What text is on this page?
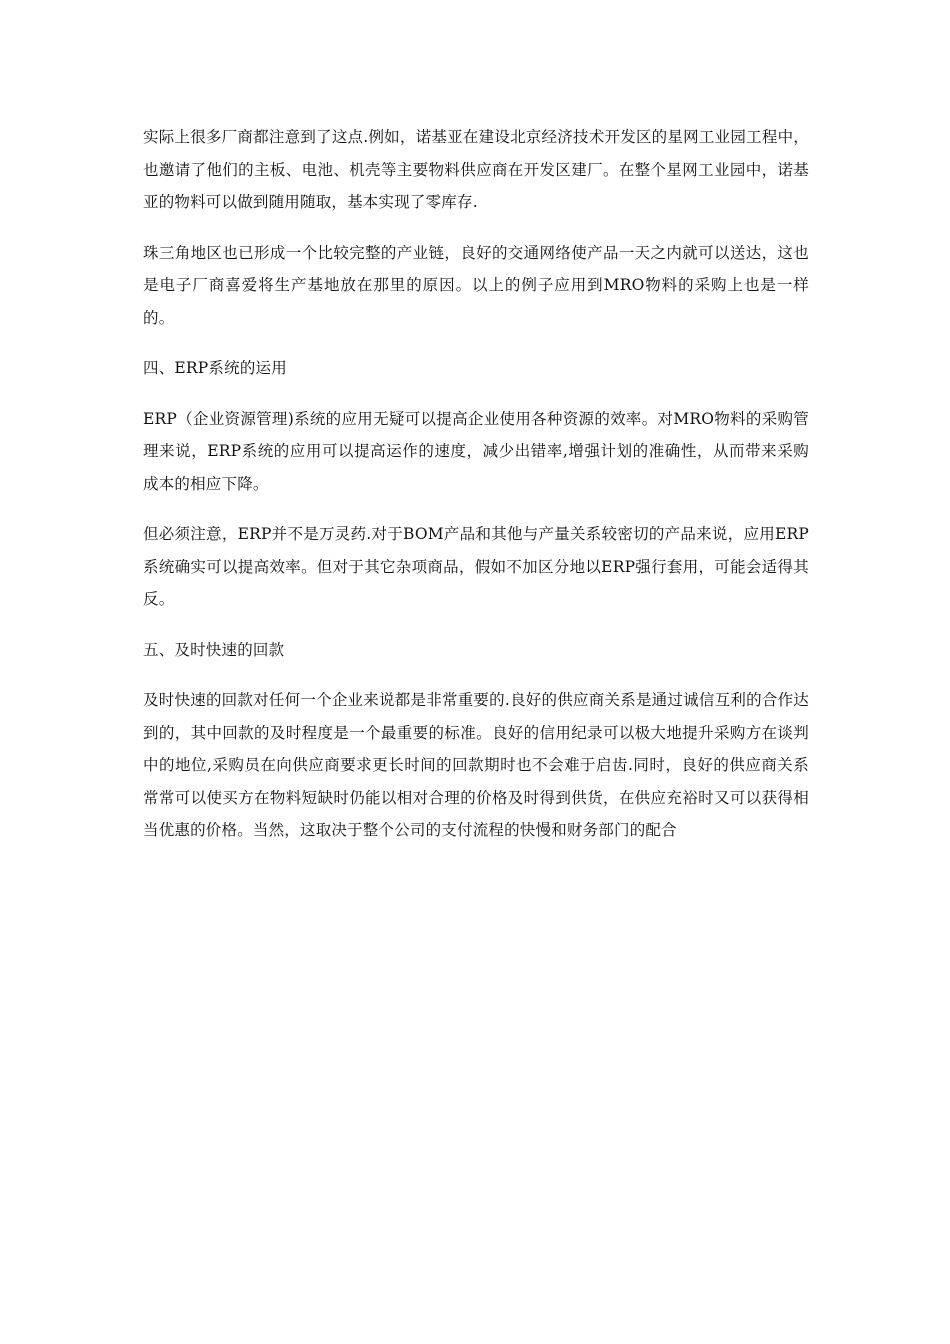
实际上很多厂商都注意到了这点.例如，诺基亚在建设北京经济技术开发区的星网工业园工程中，也邀请了他们的主板、电池、机壳等主要物料供应商在开发区建厂。在整个星网工业园中，诺基亚的物料可以做到随用随取，基本实现了零库存.

珠三角地区也已形成一个比较完整的产业链，良好的交通网络使产品一天之内就可以送达，这也是电子厂商喜爱将生产基地放在那里的原因。以上的例子应用到MRO物料的采购上也是一样的。

四、ERP系统的运用

ERP（企业资源管理)系统的应用无疑可以提高企业使用各种资源的效率。对MRO物料的采购管理来说，ERP系统的应用可以提高运作的速度，减少出错率,增强计划的准确性，从而带来采购成本的相应下降。

但必须注意，ERP并不是万灵药.对于BOM产品和其他与产量关系较密切的产品来说，应用ERP系统确实可以提高效率。但对于其它杂项商品，假如不加区分地以ERP强行套用，可能会适得其反。

五、及时快速的回款

及时快速的回款对任何一个企业来说都是非常重要的.良好的供应商关系是通过诚信互利的合作达到的，其中回款的及时程度是一个最重要的标准。良好的信用纪录可以极大地提升采购方在谈判中的地位,采购员在向供应商要求更长时间的回款期时也不会难于启齿.同时，良好的供应商关系常常可以使买方在物料短缺时仍能以相对合理的价格及时得到供货，在供应充裕时又可以获得相当优惠的价格。当然，这取决于整个公司的支付流程的快慢和财务部门的配合
